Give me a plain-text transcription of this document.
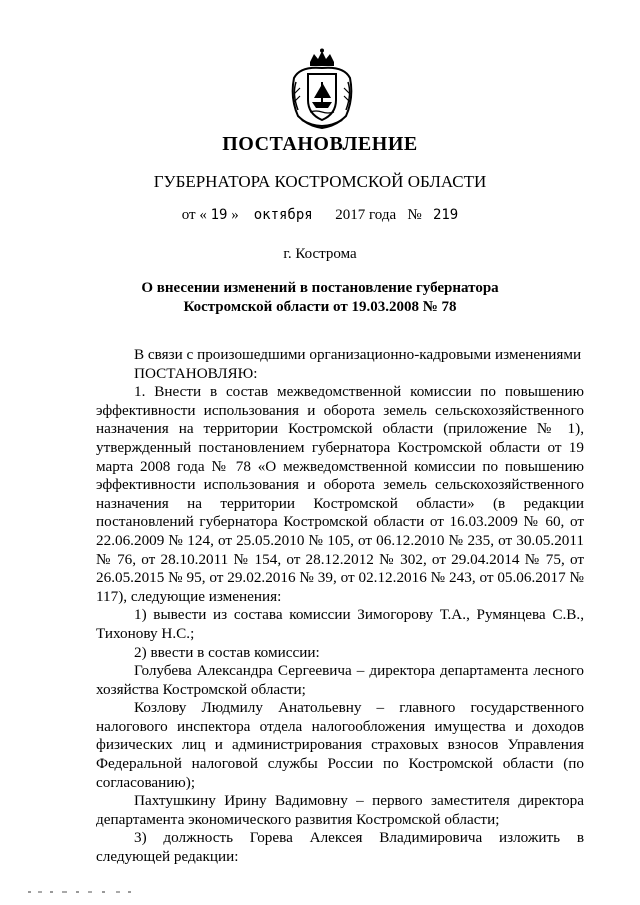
ПОСТАНОВЛЕНИЕ
ГУБЕРНАТОРА КОСТРОМСКОЙ ОБЛАСТИ
от « 19 » октября 2017 года № 219
г. Кострома
О внесении изменений в постановление губернатора
Костромской области от 19.03.2008 № 78

В связи с произошедшими организационно-кадровыми изменениями

ПОСТАНОВЛЯЮ:

1. Внести в состав межведомственной комиссии по повышению эффективности использования и оборота земель сельскохозяйственного назначения на территории Костромской области (приложение № 1), утвержденный постановлением губернатора Костромской области от 19 марта 2008 года № 78 «О межведомственной комиссии по повышению эффективности использования и оборота земель сельскохозяйственного назначения на территории Костромской области» (в редакции постановлений губернатора Костромской области от 16.03.2009 № 60, от 22.06.2009 № 124, от 25.05.2010 № 105, от 06.12.2010 № 235, от 30.05.2011 № 76, от 28.10.2011 № 154, от 28.12.2012 № 302, от 29.04.2014 № 75, от 26.05.2015 № 95, от 29.02.2016 № 39, от 02.12.2016 № 243, от 05.06.2017 № 117), следующие изменения:

1) вывести из состава комиссии Зимогорову Т.А., Румянцева С.В., Тихонову Н.С.;

2) ввести в состав комиссии:

Голубева Александра Сергеевича – директора департамента лесного хозяйства Костромской области;

Козлову Людмилу Анатольевну – главного государственного налогового инспектора отдела налогообложения имущества и доходов физических лиц и администрирования страховых взносов Управления Федеральной налоговой службы России по Костромской области (по согласованию);

Пахтушкину Ирину Вадимовну – первого заместителя директора департамента экономического развития Костромской области;

3) должность Горева Алексея Владимировича изложить в следующей редакции:
